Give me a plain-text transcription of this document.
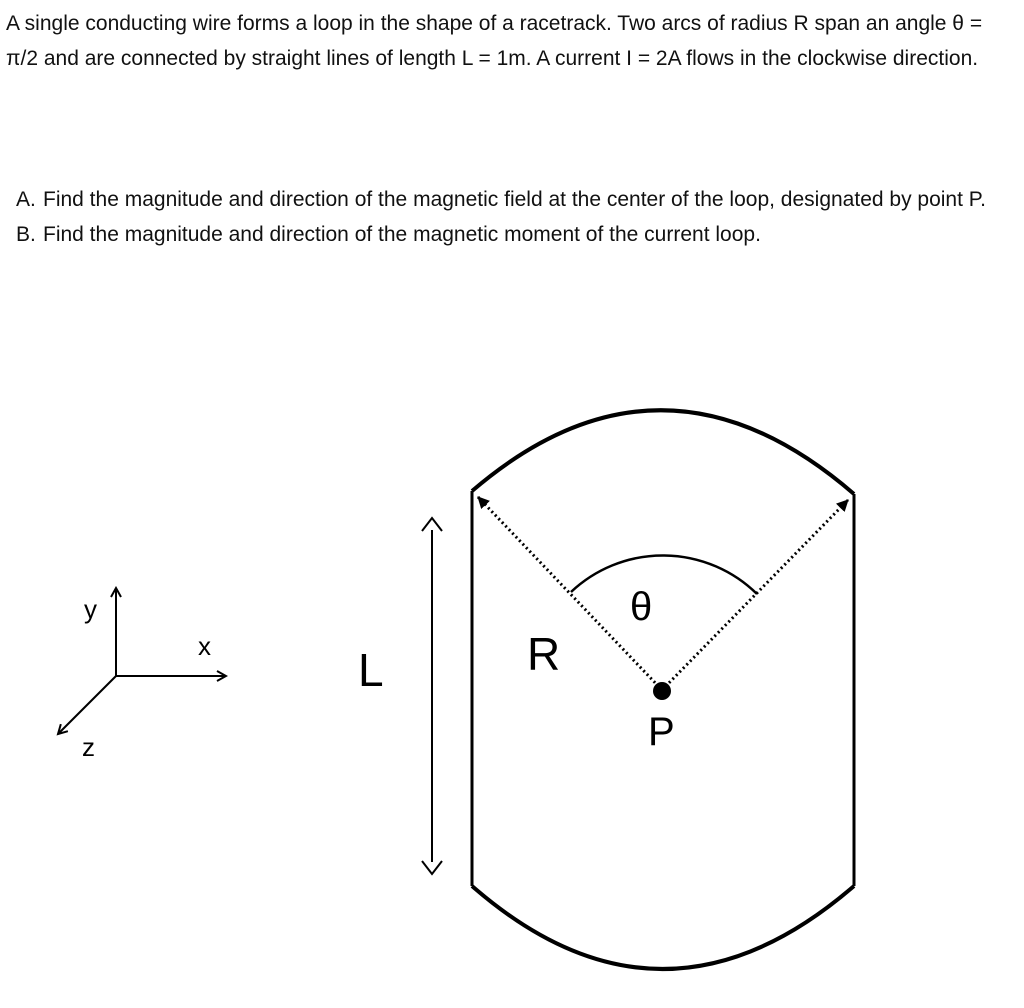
A single conducting wire forms a loop in the shape of a racetrack. Two arcs of radius R span an angle θ = π/2 and are connected by straight lines of length L = 1m. A current I = 2A flows in the clockwise direction.

A. Find the magnitude and direction of the magnetic field at the center of the loop, designated by point P.
B. Find the magnitude and direction of the magnetic moment of the current loop.
y
x
z
L	R
θ
P
